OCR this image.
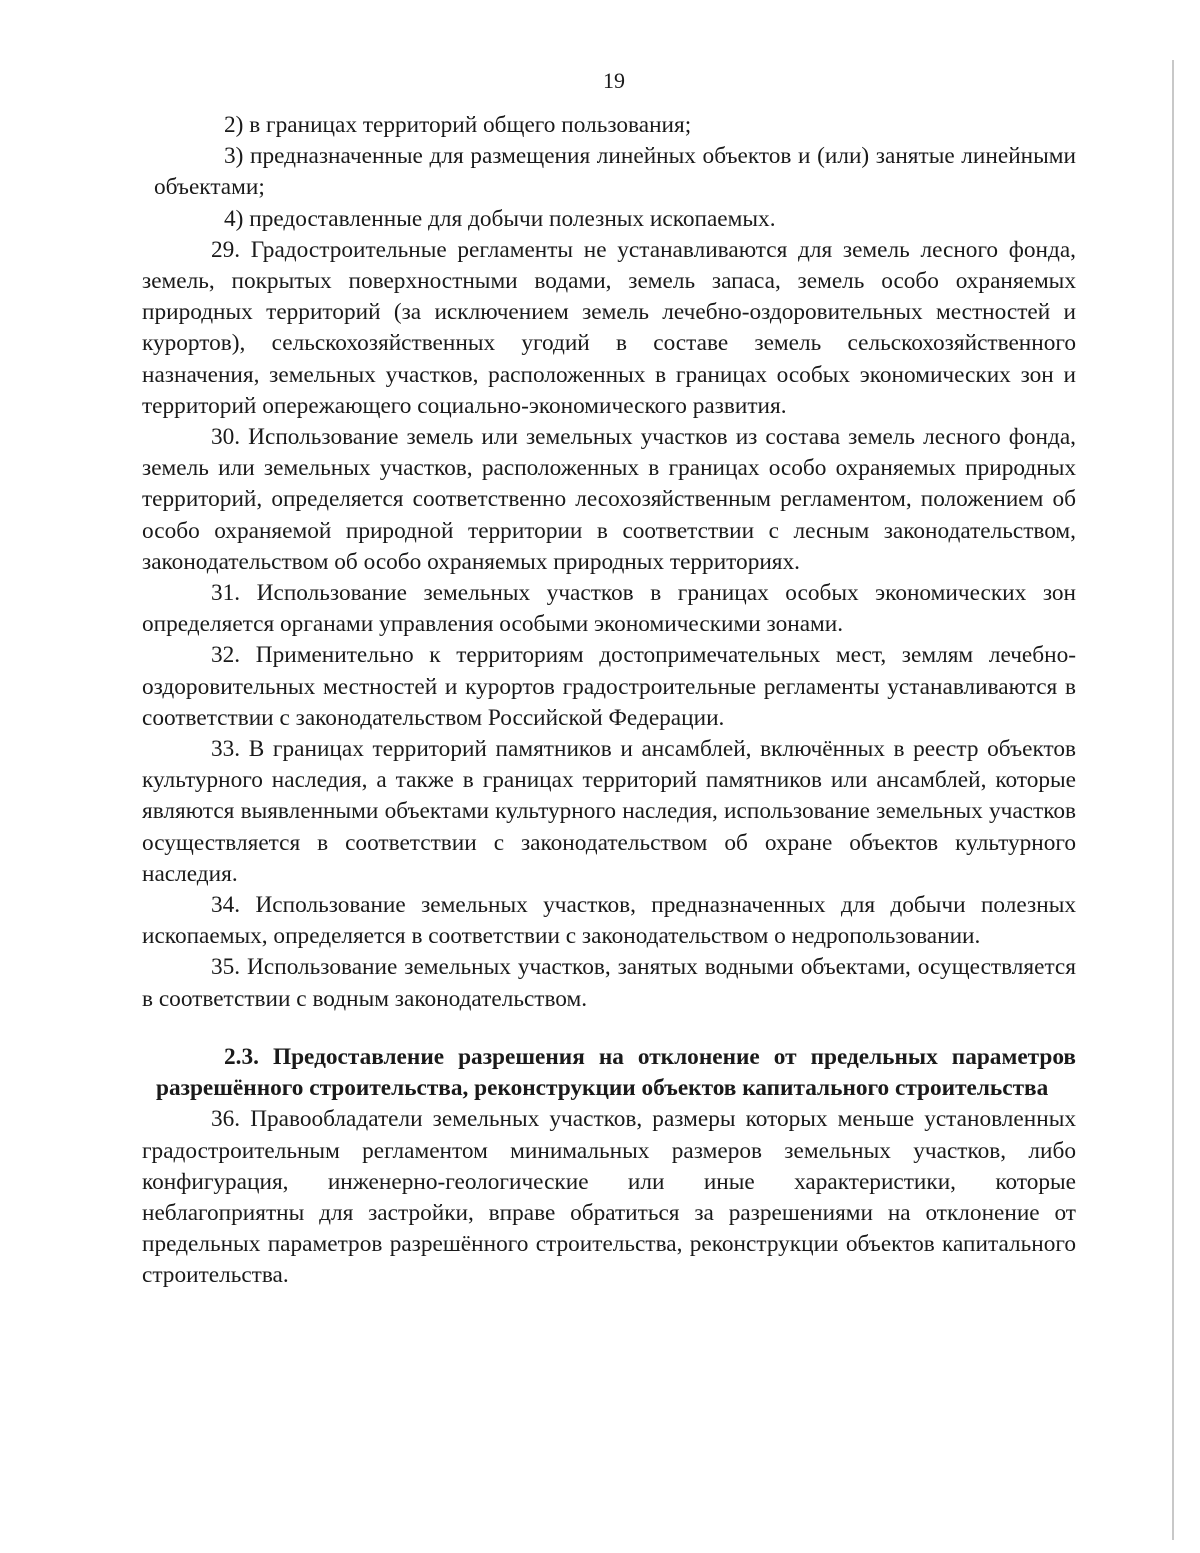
19

2) в границах территорий общего пользования;

3) предназначенные для размещения линейных объектов и (или) занятые линейными объектами;

4) предоставленные для добычи полезных ископаемых.

29. Градостроительные регламенты не устанавливаются для земель лесного фонда, земель, покрытых поверхностными водами, земель запаса, земель особо охраняемых природных территорий (за исключением земель лечебно-оздоровительных местностей и курортов), сельскохозяйственных угодий в составе земель сельскохозяйственного назначения, земельных участков, расположенных в границах особых экономических зон и территорий опережающего социально-экономического развития.

30. Использование земель или земельных участков из состава земель лесного фонда, земель или земельных участков, расположенных в границах особо охраняемых природных территорий, определяется соответственно лесохозяйственным регламентом, положением об особо охраняемой природной территории в соответствии с лесным законодательством, законодательством об особо охраняемых природных территориях.

31. Использование земельных участков в границах особых экономических зон определяется органами управления особыми экономическими зонами.

32. Применительно к территориям достопримечательных мест, землям лечебно-оздоровительных местностей и курортов градостроительные регламенты устанавливаются в соответствии с законодательством Российской Федерации.

33. В границах территорий памятников и ансамблей, включённых в реестр объектов культурного наследия, а также в границах территорий памятников или ансамблей, которые являются выявленными объектами культурного наследия, использование земельных участков осуществляется в соответствии с законодательством об охране объектов культурного наследия.

34. Использование земельных участков, предназначенных для добычи полезных ископаемых, определяется в соответствии с законодательством о недропользовании.

35. Использование земельных участков, занятых водными объектами, осуществляется в соответствии с водным законодательством.

2.3. Предоставление разрешения на отклонение от предельных параметров разрешённого строительства, реконструкции объектов капитального строительства

36. Правообладатели земельных участков, размеры которых меньше установленных градостроительным регламентом минимальных размеров земельных участков, либо конфигурация, инженерно-геологические или иные характеристики, которые неблагоприятны для застройки, вправе обратиться за разрешениями на отклонение от предельных параметров разрешённого строительства, реконструкции объектов капитального строительства.
